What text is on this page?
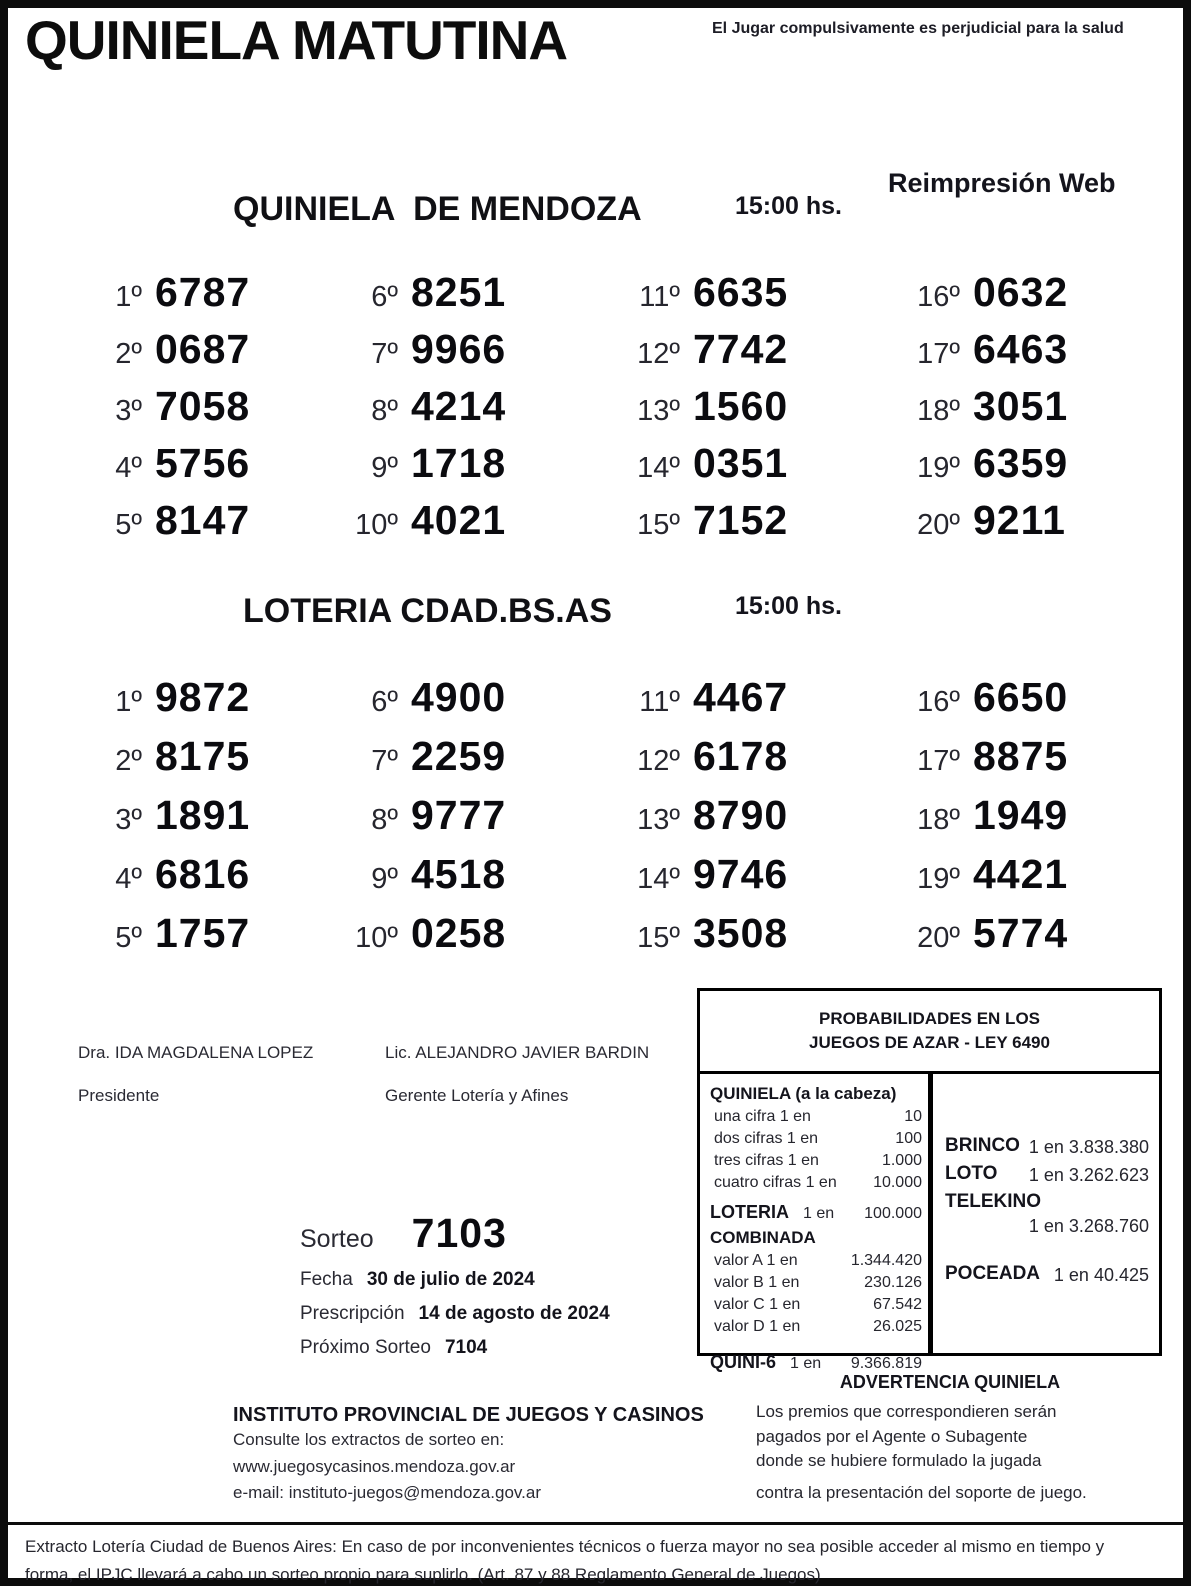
QUINIELA MATUTINA	El Jugar compulsivamente es perjudicial para la salud
Reimpresión Web
QUINIELA  DE MENDOZA	15:00 hs.
1º 6787
2º 0687
3º 7058
4º 5756
5º 8147
6º 8251
7º 9966
8º 4214
9º 1718
10º 4021
11º 6635
12º 7742
13º 1560
14º 0351
15º 7152
16º 0632
17º 6463
18º 3051
19º 6359
20º 9211
LOTERIA CDAD.BS.AS	15:00 hs.
1º 9872
2º 8175
3º 1891
4º 6816
5º 1757
6º 4900
7º 2259
8º 9777
9º 4518
10º 0258
11º 4467
12º 6178
13º 8790
14º 9746
15º 3508
16º 6650
17º 8875
18º 1949
19º 4421
20º 5774
Dra. IDA MAGDALENA LOPEZ
Presidente
Lic. ALEJANDRO JAVIER BARDIN
Gerente Lotería y Afines
PROBABILIDADES EN LOS
JUEGOS DE AZAR - LEY 6490
QUINIELA (a la cabeza)
una cifra 1 en	10
dos cifras 1 en	100
tres cifras 1 en	1.000
cuatro cifras 1 en 10.000
LOTERIA 1 en 100.000
COMBINADA
valor A 1 en	1.344.420
valor B 1 en	230.126
valor C 1 en	67.542
valor D 1 en	26.025
QUINI-6 1 en 9.366.819
BRINCO 1 en 3.838.380
LOTO 1 en 3.262.623
TELEKINO
1 en 3.268.760
POCEADA 1 en 40.425
Sorteo 7103
Fecha 30 de julio de 2024
Prescripción 14 de agosto de 2024
Próximo Sorteo 7104
ADVERTENCIA QUINIELA
Los premios que correspondieren serán
pagados por el Agente o Subagente
donde se hubiere formulado la jugada
contra la presentación del soporte de juego.
INSTITUTO PROVINCIAL DE JUEGOS Y CASINOS
Consulte los extractos de sorteo en:
www.juegosycasinos.mendoza.gov.ar
e-mail: instituto-juegos@mendoza.gov.ar
Extracto Lotería Ciudad de Buenos Aires: En caso de por inconvenientes técnicos o fuerza mayor no sea posible acceder al mismo en tiempo y
forma, el IPJC llevará a cabo un sorteo propio para suplirlo. (Art. 87 y 88 Reglamento General de Juegos)
